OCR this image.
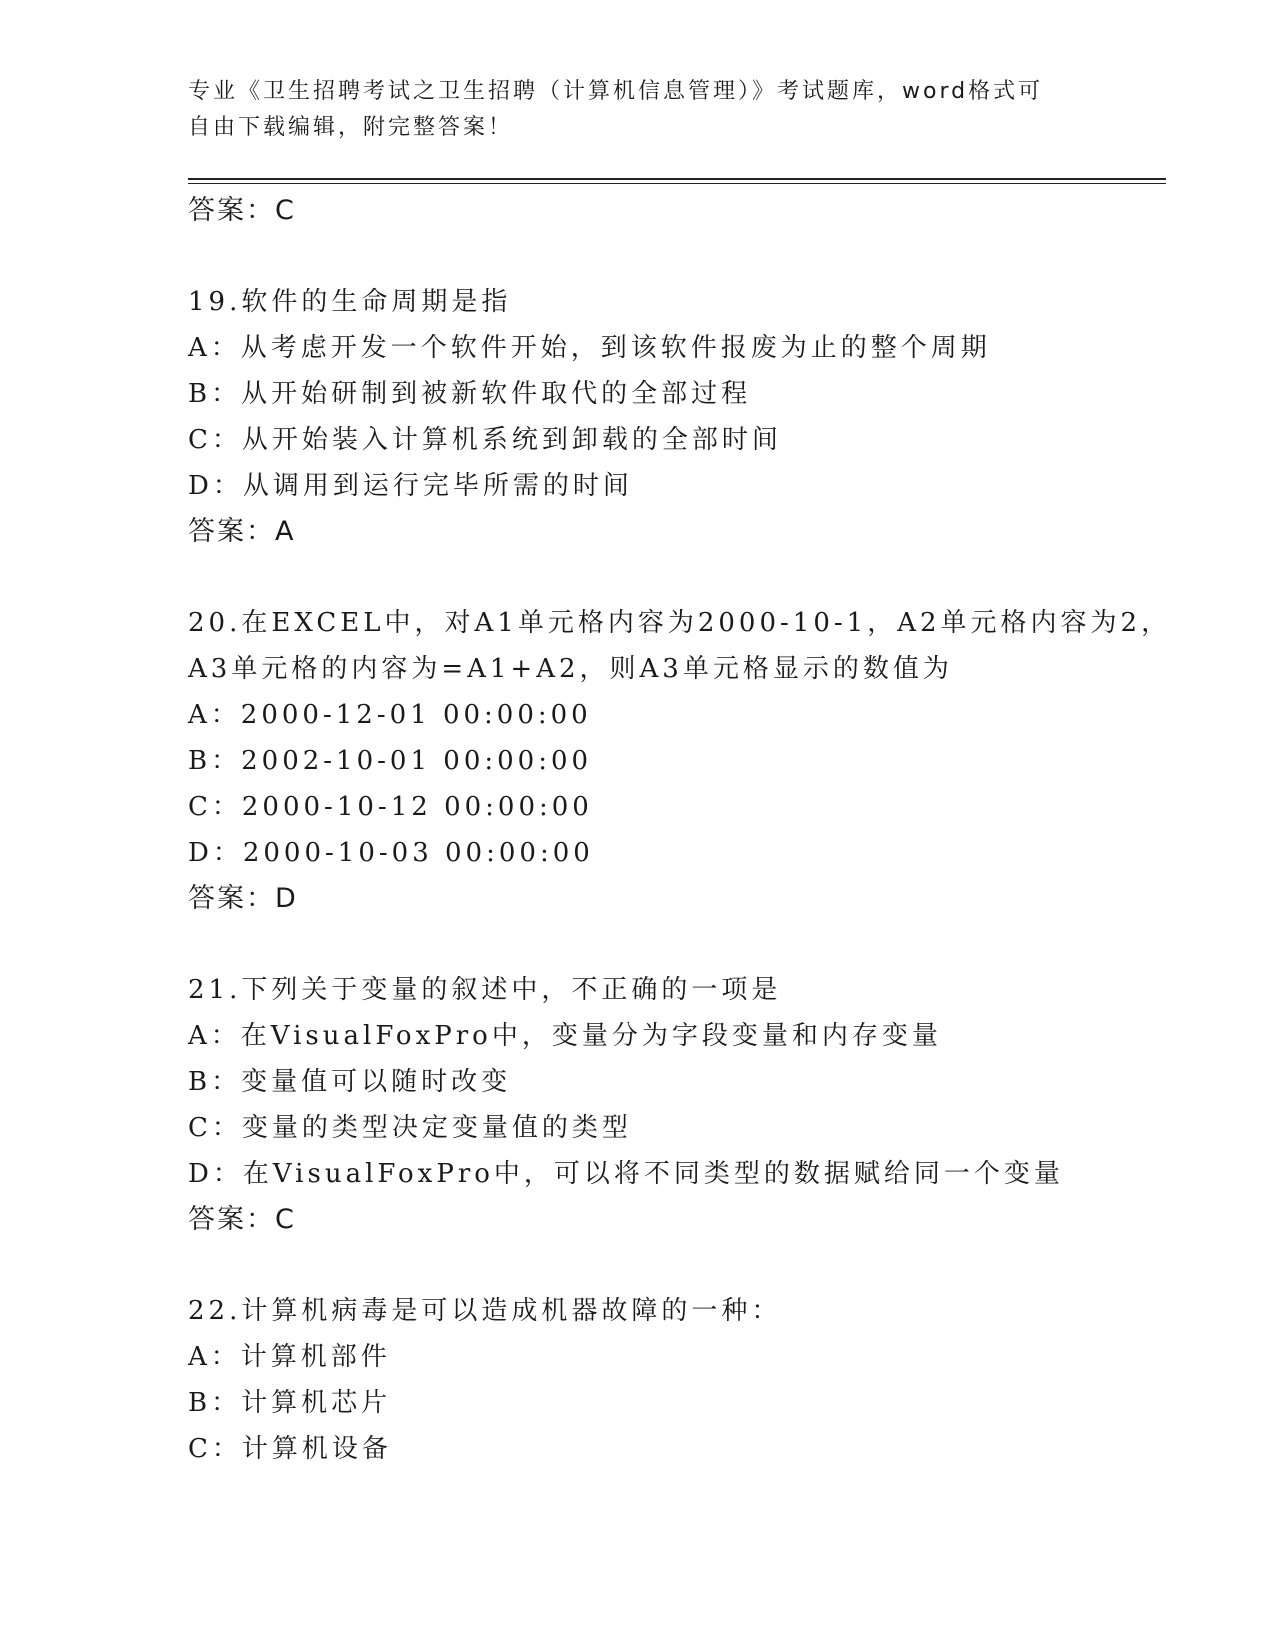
专业《卫生招聘考试之卫生招聘（计算机信息管理）》考试题库，word格式可自由下载编辑，附完整答案！
答案：C
19.软件的生命周期是指
A：从考虑开发一个软件开始，到该软件报废为止的整个周期
B：从开始研制到被新软件取代的全部过程
C：从开始装入计算机系统到卸载的全部时间
D：从调用到运行完毕所需的时间
答案：A
20.在EXCEL中，对A1单元格内容为2000-10-1，A2单元格内容为2，
A3单元格的内容为=A1+A2，则A3单元格显示的数值为
A：2000-12-01 00:00:00
B：2002-10-01 00:00:00
C：2000-10-12 00:00:00
D：2000-10-03 00:00:00
答案：D
21.下列关于变量的叙述中，不正确的一项是
A：在VisualFoxPro中，变量分为字段变量和内存变量
B：变量值可以随时改变
C：变量的类型决定变量值的类型
D：在VisualFoxPro中，可以将不同类型的数据赋给同一个变量
答案：C
22.计算机病毒是可以造成机器故障的一种：
A：计算机部件
B：计算机芯片
C：计算机设备
